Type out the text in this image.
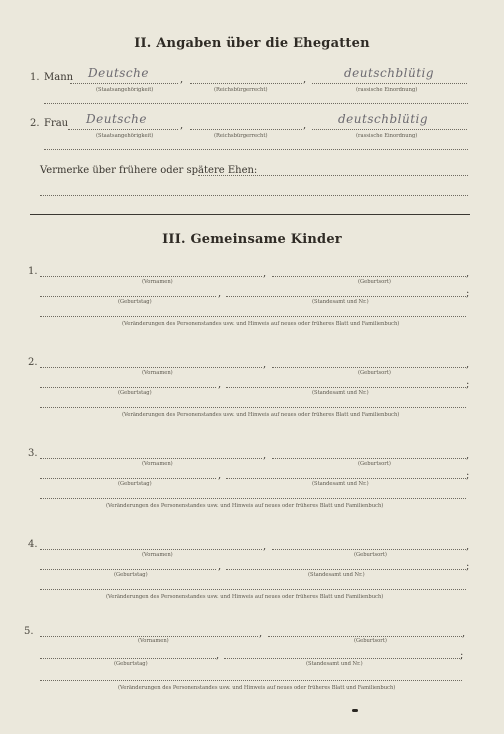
II. Angaben über die Ehegatten
1. Mann Deutsche	,	,	deutschblütig
(Staatsangehörigkeit)	(Reichsbürgerrecht)	(rassische Einordnung)
2. Frau Deutsche	,	,	deutschblütig
(Staatsangehörigkeit)	(Reichsbürgerrecht)	(rassische Einordnung)
Vermerke über frühere oder spätere Ehen:
III. Gemeinsame Kinder
1.	,	,
(Vornamen)	(Geburtsort)
,	;
(Geburtstag)	(Standesamt und Nr.)
(Veränderungen des Personenstandes usw. und Hinweis auf neues oder früheres Blatt und Familienbuch)
2.	,	,
(Vornamen)	(Geburtsort)
,	;
(Geburtstag)	(Standesamt und Nr.)
(Veränderungen des Personenstandes usw. und Hinweis auf neues oder früheres Blatt und Familienbuch)
3.	,	,
(Vornamen)	(Geburtsort)
,	;
(Geburtstag)	(Standesamt und Nr.)
(Veränderungen des Personenstandes usw. und Hinweis auf neues oder früheres Blatt und Familienbuch)
4.	,	,
(Vornamen)	(Geburtsort)
,	;
(Geburtstag)	(Standesamt und Nr.)
(Veränderungen des Personenstandes usw. und Hinweis auf neues oder früheres Blatt und Familienbuch)
5.	,	,
(Vornamen)	(Geburtsort)
,	;
(Geburtstag)	(Standesamt und Nr.)
(Veränderungen des Personenstandes usw. und Hinweis auf neues oder früheres Blatt und Familienbuch)
